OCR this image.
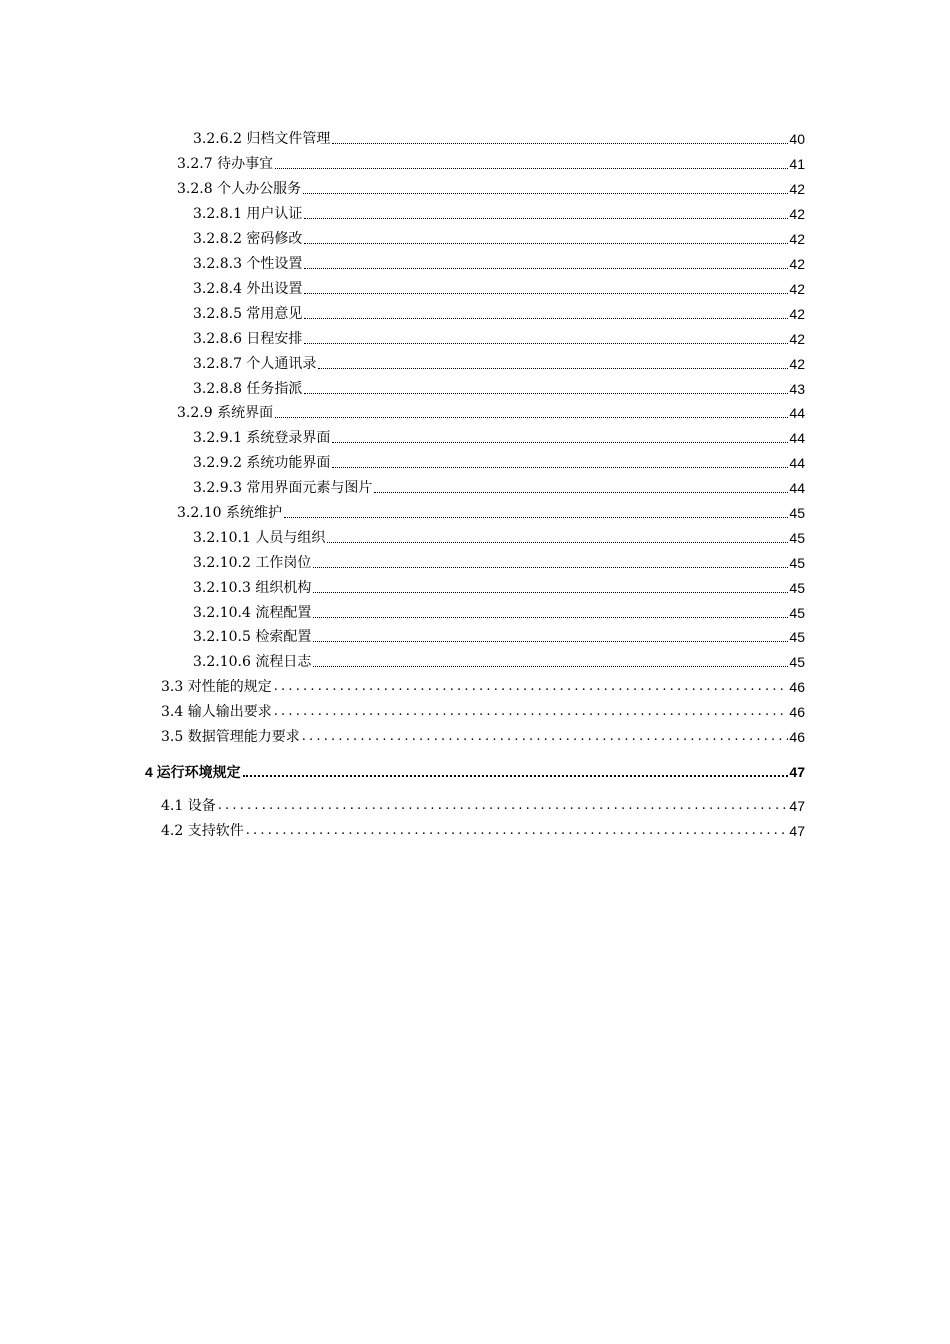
3.2.6.2 归档文件管理	40
3.2.7 待办事宜	41
3.2.8 个人办公服务	42
3.2.8.1 用户认证	42
3.2.8.2 密码修改	42
3.2.8.3 个性设置	42
3.2.8.4 外出设置	42
3.2.8.5 常用意见	42
3.2.8.6 日程安排	42
3.2.8.7 个人通讯录	42
3.2.8.8 任务指派	43
3.2.9 系统界面	44
3.2.9.1 系统登录界面	44
3.2.9.2 系统功能界面	44
3.2.9.3 常用界面元素与图片	44
3.2.10 系统维护	45
3.2.10.1 人员与组织	45
3.2.10.2 工作岗位	45
3.2.10.3 组织机构	45
3.2.10.4 流程配置	45
3.2.10.5 检索配置	45
3.2.10.6 流程日志	45
3.3 对性能的规定 .....	46
3.4 输人输出要求 .....	46
3.5 数据管理能力要求 .....	46
4 运行环境规定	47
4.1 设备 .....	47
4.2 支持软件 .....	47
